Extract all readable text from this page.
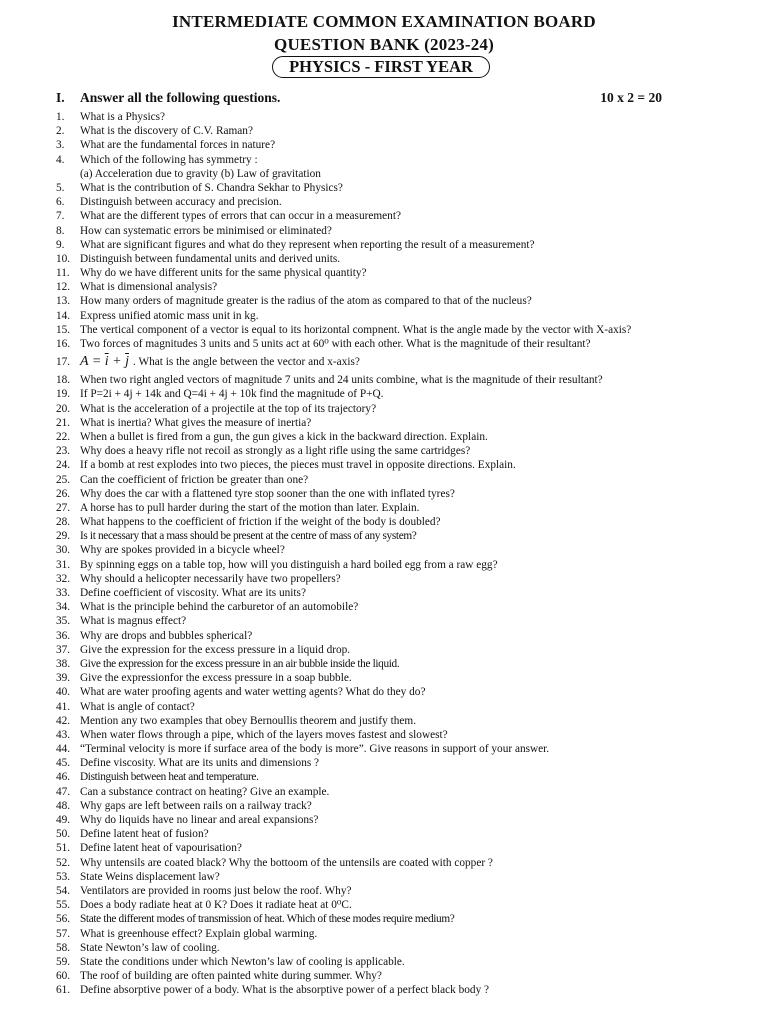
INTERMEDIATE COMMON EXAMINATION BOARD
QUESTION BANK (2023-24)
PHYSICS - FIRST YEAR
I. Answer all the following questions.	10 x 2 = 20
1. What is a Physics?
2. What is the discovery of C.V. Raman?
3. What are the fundamental forces in nature?
4. Which of the following has symmetry :
(a) Acceleration due to gravity (b) Law of gravitation
5. What is the contribution of S. Chandra Sekhar to Physics?
6. Distinguish between accuracy and precision.
7. What are the different types of errors that can occur in a measurement?
8. How can systematic errors be minimised or eliminated?
9. What are significant figures and what do they represent when reporting the result of a measurement?
10. Distinguish between fundamental units and derived units.
11. Why do we have different units for the same physical quantity?
12. What is dimensional analysis?
13. How many orders of magnitude greater is the radius of the atom as compared to that of the nucleus?
14. Express unified atomic mass unit in kg.
15. The vertical component of a vector is equal to its horizontal compnent. What is the angle made by the vector with X-axis?
16. Two forces of magnitudes 3 units and 5 units act at 60⁰ with each other. What is the magnitude of their resultant?
17. $A = \overline{i} + \overline{j}$ . What is the angle between the vector and x-axis?
18. When two right angled vectors of magnitude 7 units and 24 units combine, what is the magnitude of their resultant?
19. If P=2i + 4j + 14k and Q=4i + 4j + 10k find the magnitude of P+Q.
20. What is the acceleration of a projectile at the top of its trajectory?
21. What is inertia? What gives the measure of inertia?
22. When a bullet is fired from a gun, the gun gives a kick in the backward direction. Explain.
23. Why does a heavy rifle not recoil as strongly as a light rifle using the same cartridges?
24. If a bomb at rest explodes into two pieces, the pieces must travel in opposite directions. Explain.
25. Can the coefficient of friction be greater than one?
26. Why does the car with a flattened tyre stop sooner than the one with inflated tyres?
27. A horse has to pull harder during the start of the motion than later. Explain.
28. What happens to the coefficient of friction if the weight of the body is doubled?
29. Is it necessary that a mass should be present at the centre of mass of any system?
30. Why are spokes provided in a bicycle wheel?
31. By spinning eggs on a table top, how will you distinguish a hard boiled egg from a raw egg?
32. Why should a helicopter necessarily have two propellers?
33. Define coefficient of viscosity. What are its units?
34. What is the principle behind the carburetor of an automobile?
35. What is magnus effect?
36. Why are drops and bubbles spherical?
37. Give the expression for the excess pressure in a liquid drop.
38. Give the expression for the excess pressure in an air bubble inside the liquid.
39. Give the expressionfor the excess pressure in a soap bubble.
40. What are water proofing agents and water wetting agents? What do they do?
41. What is angle of contact?
42. Mention any two examples that obey Bernoullis theorem and justify them.
43. When water flows through a pipe, which of the layers moves fastest and slowest?
44. “Terminal velocity is more if surface area of the body is more”. Give reasons in support of your answer.
45. Define viscosity. What are its units and dimensions ?
46. Distinguish between heat and temperature.
47. Can a substance contract on heating? Give an example.
48. Why gaps are left between rails on a railway track?
49. Why do liquids have no linear and areal expansions?
50. Define latent heat of fusion?
51. Define latent heat of vapourisation?
52. Why untensils are coated black? Why the bottoom of the untensils are coated with copper ?
53. State Weins displacement law?
54. Ventilators are provided in rooms just below the roof. Why?
55. Does a body radiate heat at 0 K? Does it radiate heat at 0⁰C.
56. State the different modes of transmission of heat. Which of these modes require medium?
57. What is greenhouse effect? Explain global warming.
58. State Newton’s law of cooling.
59. State the conditions under which Newton’s law of cooling is applicable.
60. The roof of building are often painted white during summer. Why?
61. Define absorptive power of a body. What is the absorptive power of a perfect black body ?
